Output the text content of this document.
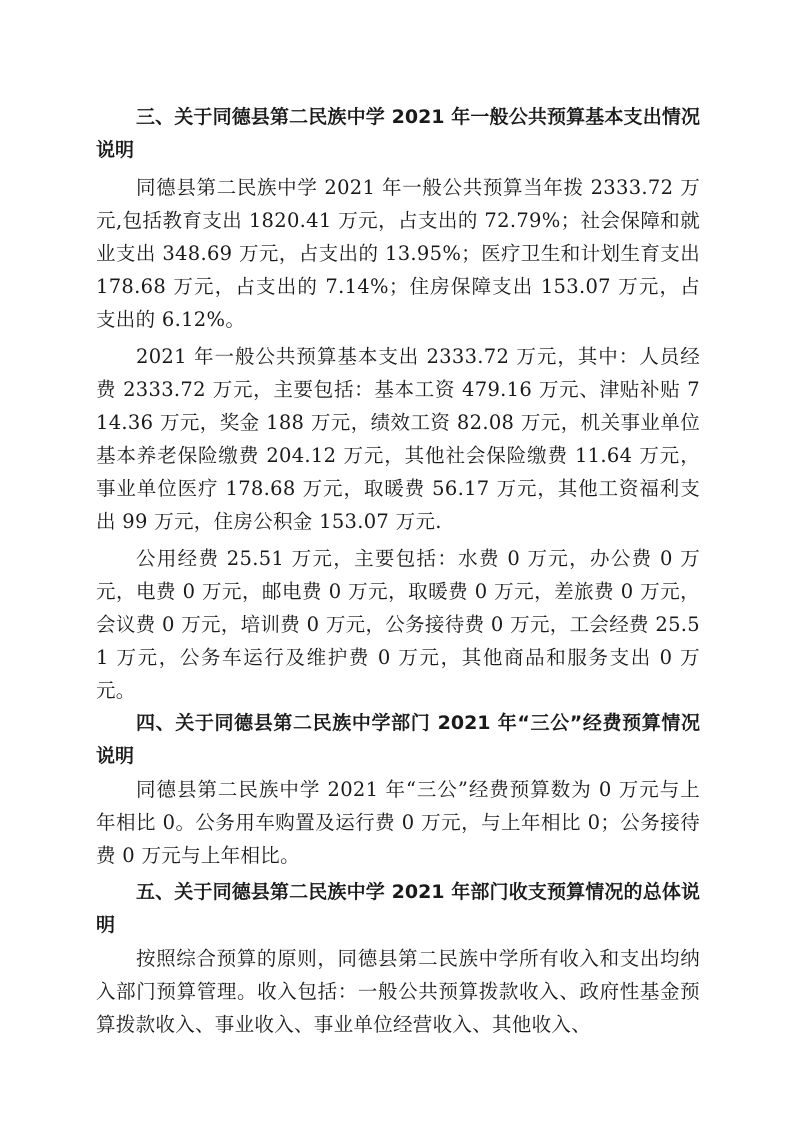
三、关于同德县第二民族中学 2021 年一般公共预算基本支出情况说明

同德县第二民族中学 2021 年一般公共预算当年拨 2333.72 万元,包括教育支出 1820.41 万元，占支出的 72.79%；社会保障和就业支出 348.69 万元，占支出的 13.95%；医疗卫生和计划生育支出 178.68 万元，占支出的 7.14%；住房保障支出 153.07 万元，占支出的 6.12%。

2021 年一般公共预算基本支出 2333.72 万元，其中：人员经费 2333.72 万元，主要包括：基本工资 479.16 万元、津贴补贴 714.36 万元，奖金 188 万元，绩效工资 82.08 万元，机关事业单位基本养老保险缴费 204.12 万元，其他社会保险缴费 11.64 万元，事业单位医疗 178.68 万元，取暖费 56.17 万元，其他工资福利支出 99 万元，住房公积金 153.07 万元.

公用经费 25.51 万元，主要包括：水费 0 万元，办公费 0 万元，电费 0 万元，邮电费 0 万元，取暖费 0 万元，差旅费 0 万元，会议费 0 万元，培训费 0 万元，公务接待费 0 万元，工会经费 25.51 万元，公务车运行及维护费 0 万元，其他商品和服务支出 0 万元。

四、关于同德县第二民族中学部门 2021 年“三公”经费预算情况说明

同德县第二民族中学 2021 年“三公”经费预算数为 0 万元与上年相比 0。公务用车购置及运行费 0 万元，与上年相比 0；公务接待费 0 万元与上年相比。

五、关于同德县第二民族中学 2021 年部门收支预算情况的总体说明

按照综合预算的原则，同德县第二民族中学所有收入和支出均纳入部门预算管理。收入包括：一般公共预算拨款收入、政府性基金预算拨款收入、事业收入、事业单位经营收入、其他收入、
